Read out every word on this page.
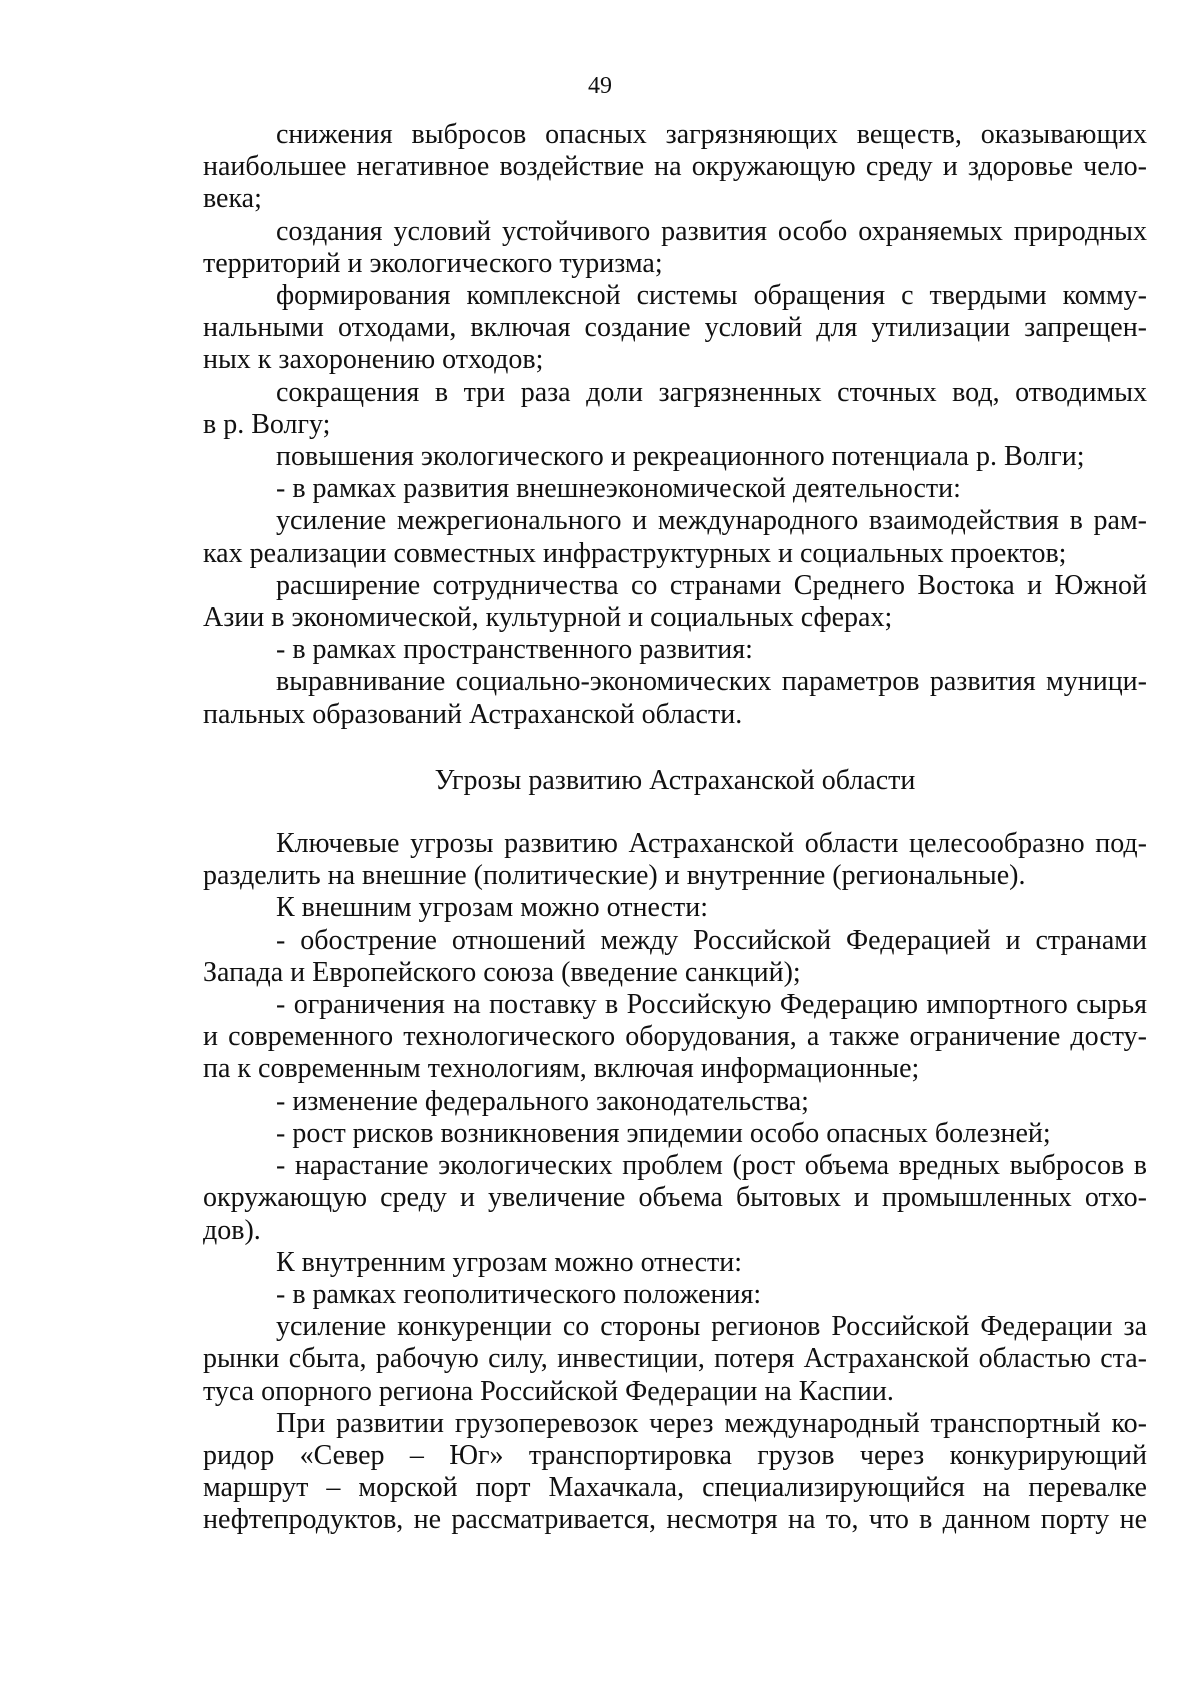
49
снижения выбросов опасных загрязняющих веществ, оказывающих
наибольшее негативное воздействие на окружающую среду и здоровье чело-
века;
создания условий устойчивого развития особо охраняемых природных
территорий и экологического туризма;
формирования комплексной системы обращения с твердыми комму-
нальными отходами, включая создание условий для утилизации запрещен-
ных к захоронению отходов;
сокращения в три раза доли загрязненных сточных вод, отводимых
в р. Волгу;
повышения экологического и рекреационного потенциала р. Волги;
- в рамках развития внешнеэкономической деятельности:
усиление межрегионального и международного взаимодействия в рам-
ках реализации совместных инфраструктурных и социальных проектов;
расширение сотрудничества со странами Среднего Востока и Южной
Азии в экономической, культурной и социальных сферах;
- в рамках пространственного развития:
выравнивание социально-экономических параметров развития муници-
пальных образований Астраханской области.
Угрозы развитию Астраханской области
Ключевые угрозы развитию Астраханской области целесообразно под-
разделить на внешние (политические) и внутренние (региональные).
К внешним угрозам можно отнести:
- обострение отношений между Российской Федерацией и странами
Запада и Европейского союза (введение санкций);
- ограничения на поставку в Российскую Федерацию импортного сырья
и современного технологического оборудования, а также ограничение досту-
па к современным технологиям, включая информационные;
- изменение федерального законодательства;
- рост рисков возникновения эпидемии особо опасных болезней;
- нарастание экологических проблем (рост объема вредных выбросов в
окружающую среду и увеличение объема бытовых и промышленных отхо-
дов).
К внутренним угрозам можно отнести:
- в рамках геополитического положения:
усиление конкуренции со стороны регионов Российской Федерации за
рынки сбыта, рабочую силу, инвестиции, потеря Астраханской областью ста-
туса опорного региона Российской Федерации на Каспии.
При развитии грузоперевозок через международный транспортный ко-
ридор «Север – Юг» транспортировка грузов через конкурирующий
маршрут – морской порт Махачкала, специализирующийся на перевалке
нефтепродуктов, не рассматривается, несмотря на то, что в данном порту не
